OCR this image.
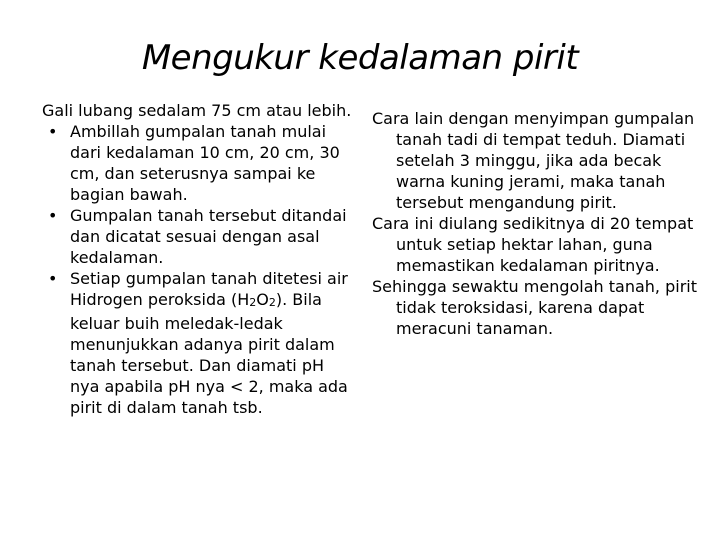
Mengukur kedalaman pirit

Gali lubang sedalam 75 cm atau lebih.

• Ambillah gumpalan tanah mulai dari kedalaman 10 cm, 20 cm, 30 cm, dan seterusnya sampai ke bagian bawah.

• Gumpalan tanah tersebut ditandai dan dicatat sesuai dengan asal kedalaman.

• Setiap gumpalan tanah ditetesi air Hidrogen peroksida $(H_2O_2)$. Bila keluar buih meledak-ledak menunjukkan adanya pirit dalam tanah tersebut. Dan diamati pH nya apabila pH nya < 2, maka ada pirit di dalam tanah tsb.

Cara lain dengan menyimpan gumpalan tanah tadi di tempat teduh. Diamati setelah 3 minggu, jika ada becak warna kuning jerami, maka tanah tersebut mengandung pirit.

Cara ini diulang sedikitnya di 20 tempat untuk setiap hektar lahan, guna memastikan kedalaman piritnya.

Sehingga sewaktu mengolah tanah, pirit tidak teroksidasi, karena dapat meracuni tanaman.
